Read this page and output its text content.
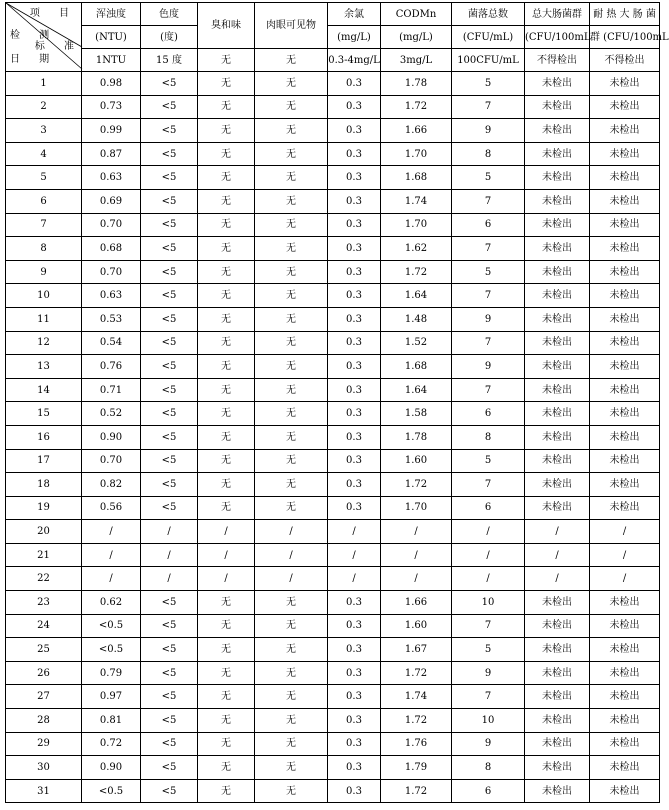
项 目
检 测
标 准
日 期	浑浊度	色度	臭和味	肉眼可见物	余氯	CODMn	菌落总数	总大肠菌群	耐 热 大 肠 菌
	(NTU)	(度)			(mg/L)	(mg/L)	(CFU/mL)	(CFU/100mL	群 (CFU/100mL
	1NTU	15 度	无	无	0.3-4mg/L	3mg/L	100CFU/mL	不得检出	不得检出
1	0.98	<5	无	无	0.3	1.78	5	未检出	未检出
2	0.73	<5	无	无	0.3	1.72	7	未检出	未检出
3	0.99	<5	无	无	0.3	1.66	9	未检出	未检出
4	0.87	<5	无	无	0.3	1.70	8	未检出	未检出
5	0.63	<5	无	无	0.3	1.68	5	未检出	未检出
6	0.69	<5	无	无	0.3	1.74	7	未检出	未检出
7	0.70	<5	无	无	0.3	1.70	6	未检出	未检出
8	0.68	<5	无	无	0.3	1.62	7	未检出	未检出
9	0.70	<5	无	无	0.3	1.72	5	未检出	未检出
10	0.63	<5	无	无	0.3	1.64	7	未检出	未检出
11	0.53	<5	无	无	0.3	1.48	9	未检出	未检出
12	0.54	<5	无	无	0.3	1.52	7	未检出	未检出
13	0.76	<5	无	无	0.3	1.68	9	未检出	未检出
14	0.71	<5	无	无	0.3	1.64	7	未检出	未检出
15	0.52	<5	无	无	0.3	1.58	6	未检出	未检出
16	0.90	<5	无	无	0.3	1.78	8	未检出	未检出
17	0.70	<5	无	无	0.3	1.60	5	未检出	未检出
18	0.82	<5	无	无	0.3	1.72	7	未检出	未检出
19	0.56	<5	无	无	0.3	1.70	6	未检出	未检出
20	/	/	/	/	/	/	/	/	/
21	/	/	/	/	/	/	/	/	/
22	/	/	/	/	/	/	/	/	/
23	0.62	<5	无	无	0.3	1.66	10	未检出	未检出
24	<0.5	<5	无	无	0.3	1.60	7	未检出	未检出
25	<0.5	<5	无	无	0.3	1.67	5	未检出	未检出
26	0.79	<5	无	无	0.3	1.72	9	未检出	未检出
27	0.97	<5	无	无	0.3	1.74	7	未检出	未检出
28	0.81	<5	无	无	0.3	1.72	10	未检出	未检出
29	0.72	<5	无	无	0.3	1.76	9	未检出	未检出
30	0.90	<5	无	无	0.3	1.79	8	未检出	未检出
31	<0.5	<5	无	无	0.3	1.72	6	未检出	未检出
